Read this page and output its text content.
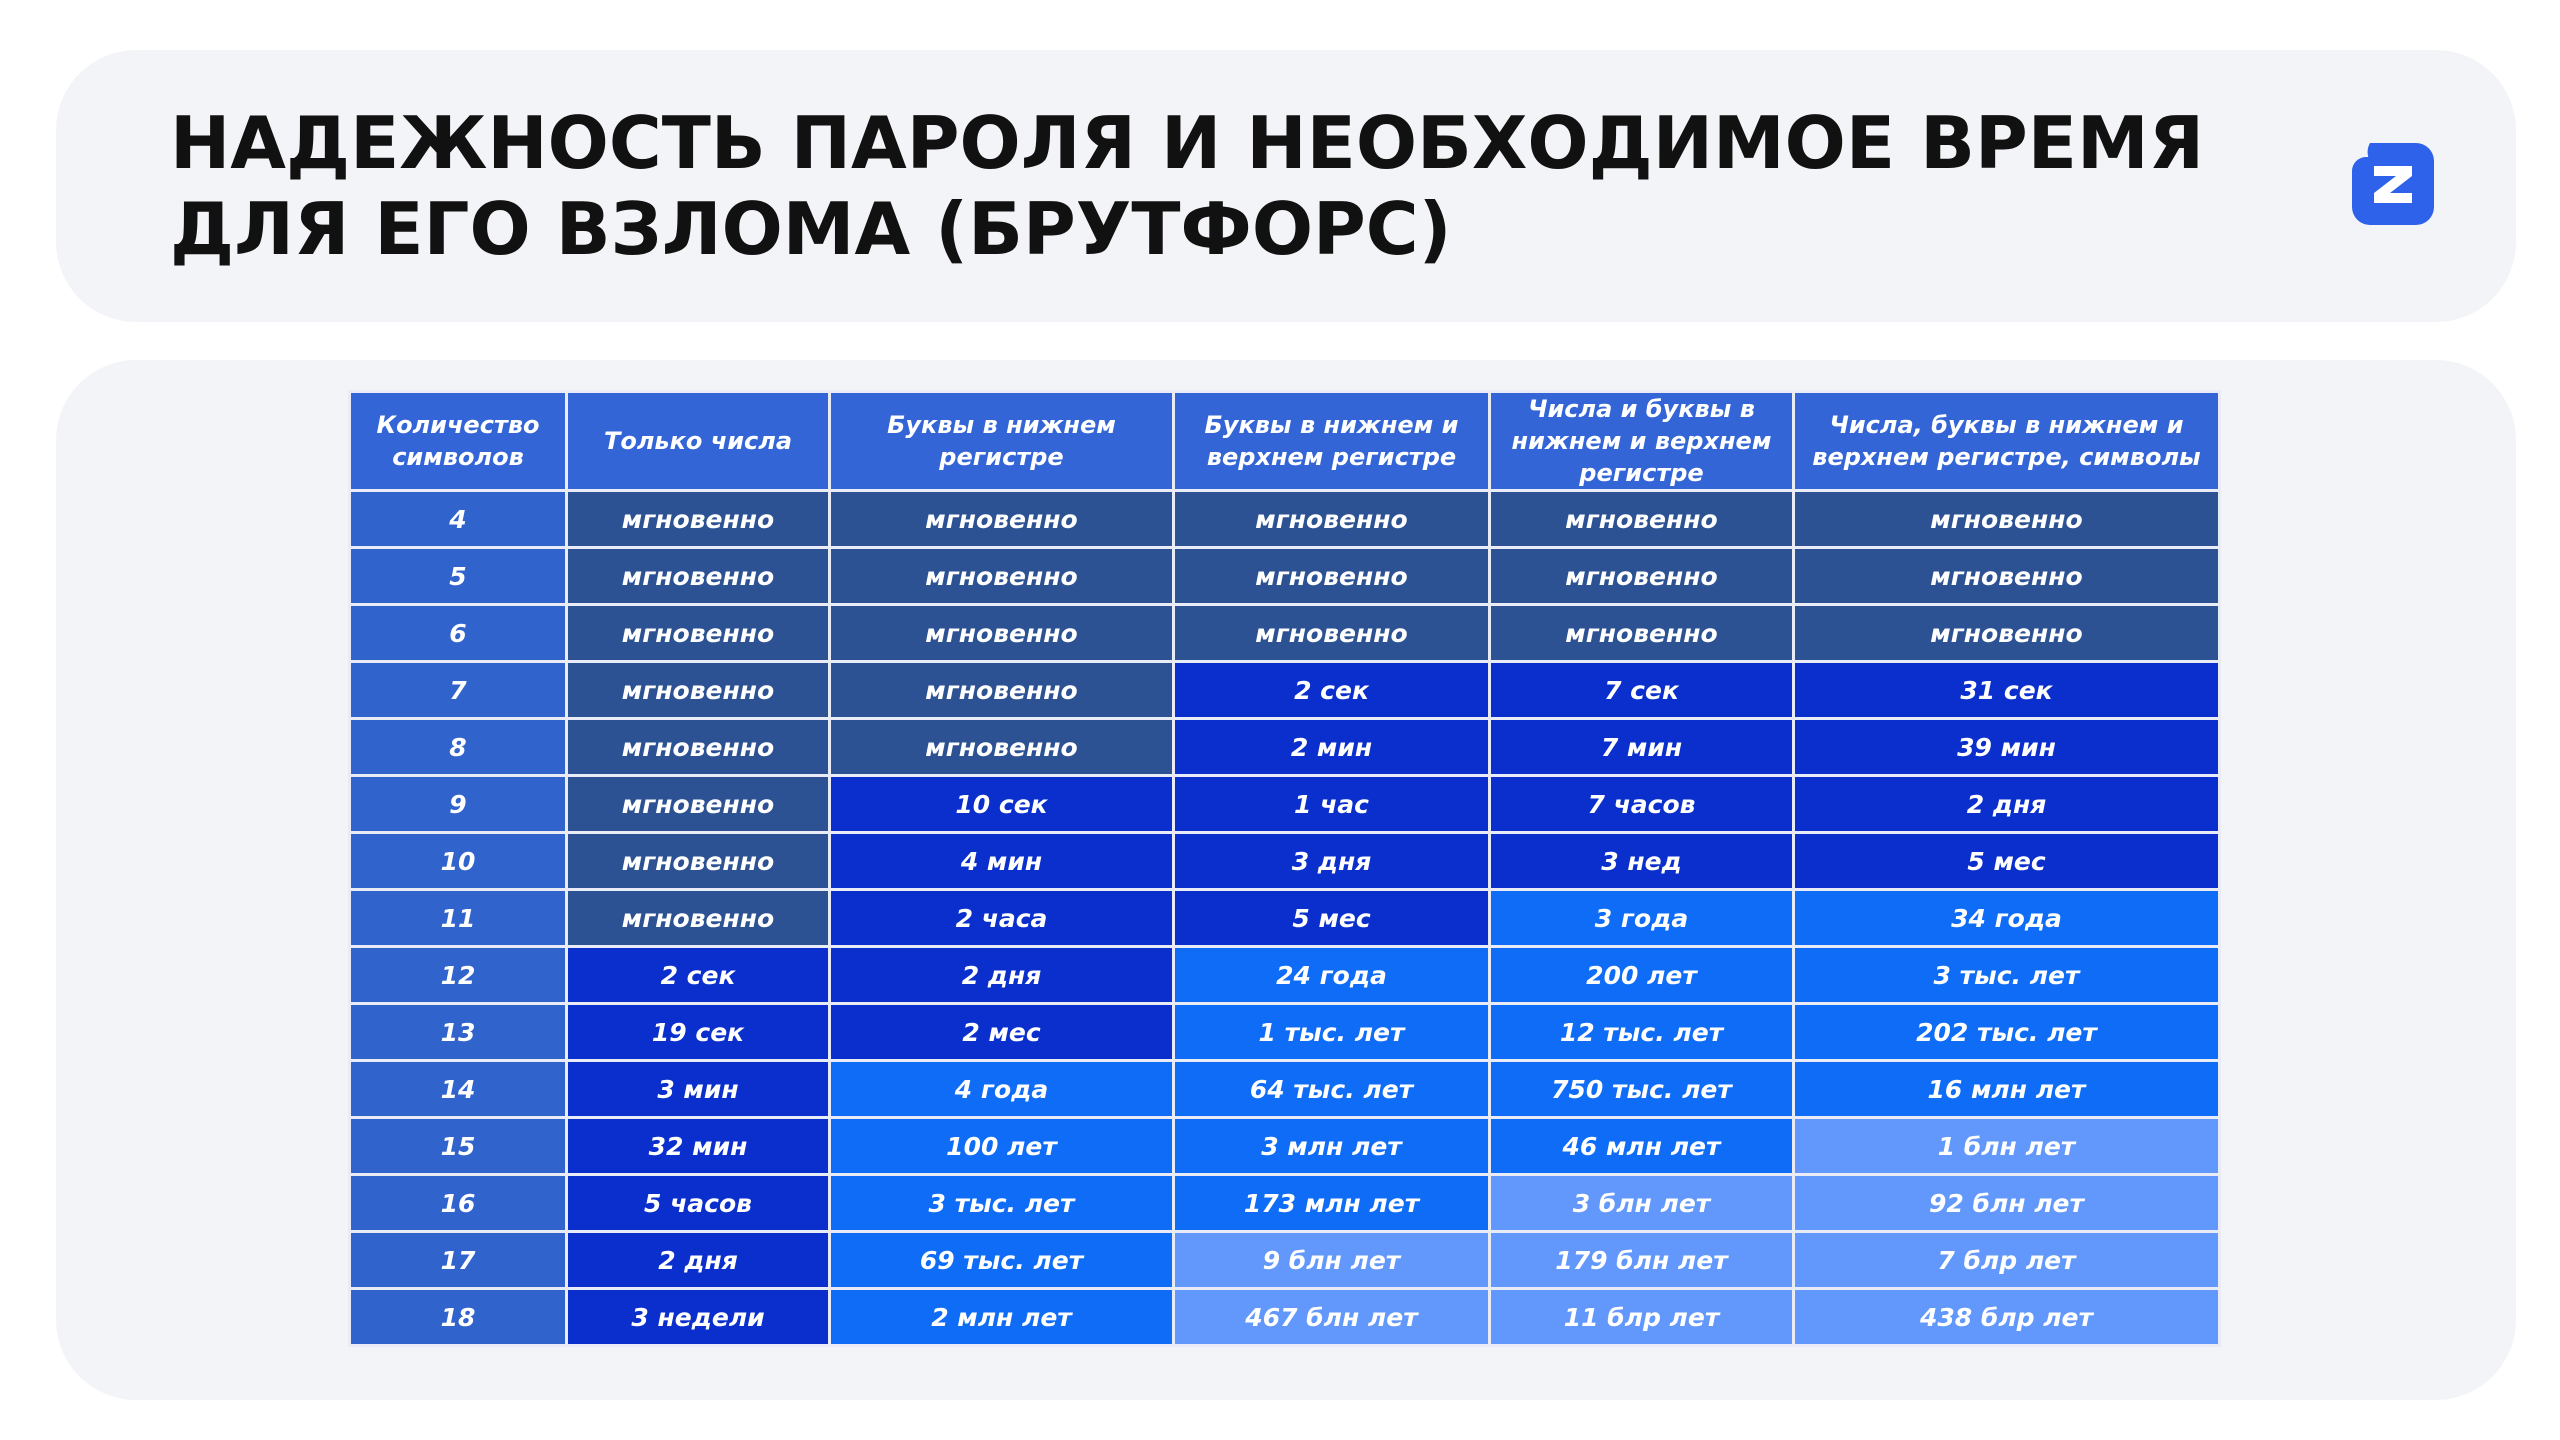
НАДЕЖНОСТЬ ПАРОЛЯ И НЕОБХОДИМОЕ ВРЕМЯ
ДЛЯ ЕГО ВЗЛОМА (БРУТФОРС)
Количество символов	Только числа	Буквы в нижнем регистре	Буквы в нижнем и верхнем регистре	Числа и буквы в нижнем и верхнем регистре	Числа, буквы в нижнем и верхнем регистре, символы
4	мгновенно	мгновенно	мгновенно	мгновенно	мгновенно
5	мгновенно	мгновенно	мгновенно	мгновенно	мгновенно
6	мгновенно	мгновенно	мгновенно	мгновенно	мгновенно
7	мгновенно	мгновенно	2 сек	7 сек	31 сек
8	мгновенно	мгновенно	2 мин	7 мин	39 мин
9	мгновенно	10 сек	1 час	7 часов	2 дня
10	мгновенно	4 мин	3 дня	3 нед	5 мес
11	мгновенно	2 часа	5 мес	3 года	34 года
12	2 сек	2 дня	24 года	200 лет	3 тыс. лет
13	19 сек	2 мес	1 тыс. лет	12 тыс. лет	202 тыс. лет
14	3 мин	4 года	64 тыс. лет	750 тыс. лет	16 млн лет
15	32 мин	100 лет	3 млн лет	46 млн лет	1 блн лет
16	5 часов	3 тыс. лет	173 млн лет	3 блн лет	92 блн лет
17	2 дня	69 тыс. лет	9 блн лет	179 блн лет	7 блр лет
18	3 недели	2 млн лет	467 блн лет	11 блр лет	438 блр лет
